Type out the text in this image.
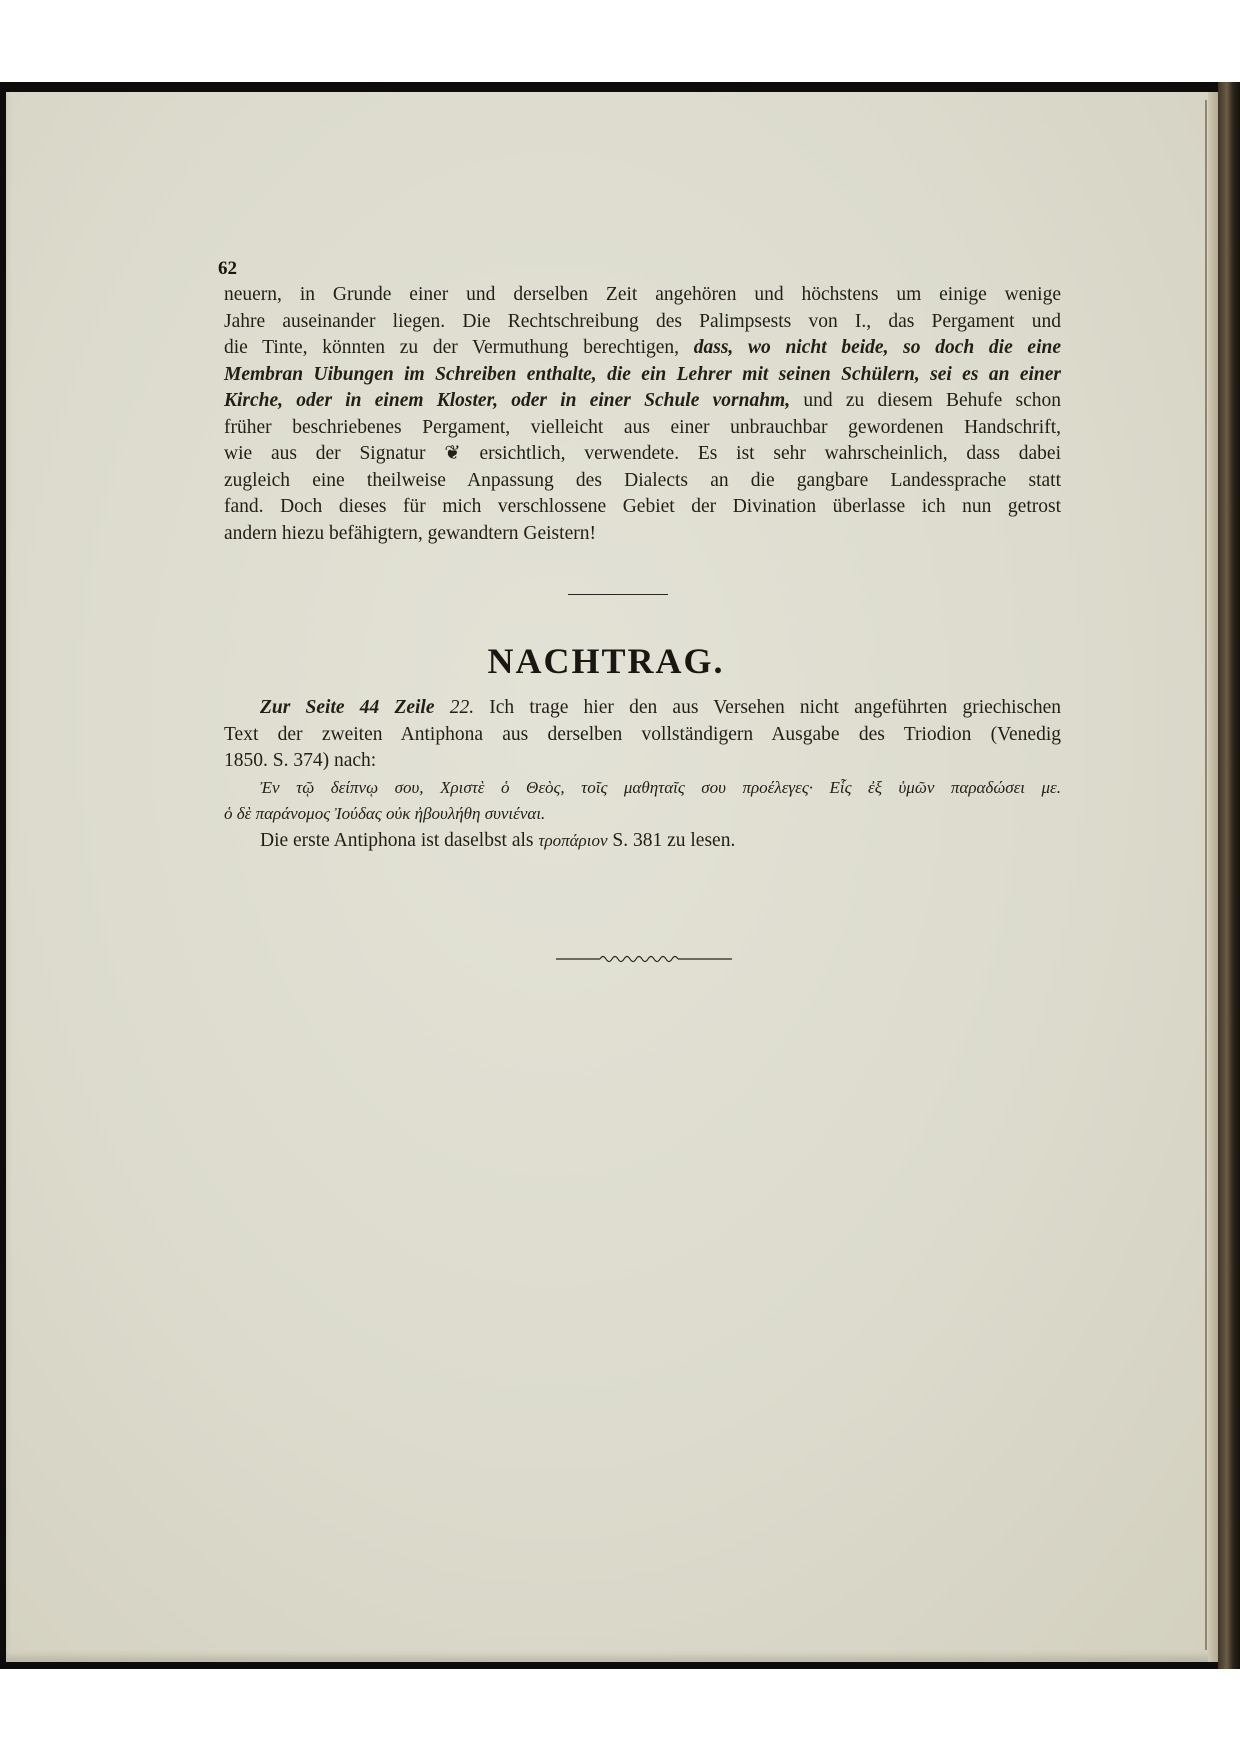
62
neuern, in Grunde einer und derselben Zeit angehören und höchstens um einige wenige
Jahre auseinander liegen. Die Rechtschreibung des Palimpsests von I., das Pergament und
die Tinte, könnten zu der Vermuthung berechtigen, dass, wo nicht beide, so doch die eine
Membran Uibungen im Schreiben enthalte, die ein Lehrer mit seinen Schülern, sei es an einer
Kirche, oder in einem Kloster, oder in einer Schule vornahm, und zu diesem Behufe schon
früher beschriebenes Pergament, vielleicht aus einer unbrauchbar gewordenen Handschrift,
wie aus der Signatur ❦ ersichtlich, verwendete. Es ist sehr wahrscheinlich, dass dabei
zugleich eine theilweise Anpassung des Dialects an die gangbare Landessprache statt
fand. Doch dieses für mich verschlossene Gebiet der Divination überlasse ich nun getrost
andern hiezu befähigtern, gewandtern Geistern!
NACHTRAG.
Zur Seite 44 Zeile 22. Ich trage hier den aus Versehen nicht angeführten griechischen
Text der zweiten Antiphona aus derselben vollständigern Ausgabe des Triodion (Venedig
1850. S. 374) nach:
Ἐν τῷ δείπνῳ σου, Χριστὲ ὁ Θεὸς, τοῖς μαθηταῖς σου προέλεγες· Εἷς ἐξ ὑμῶν παραδώσει με.
ὁ δὲ παράνομος Ἰούδας οὐκ ἠβουλήθη συνιέναι.
Die erste Antiphona ist daselbst als τροπάριον S. 381 zu lesen.
